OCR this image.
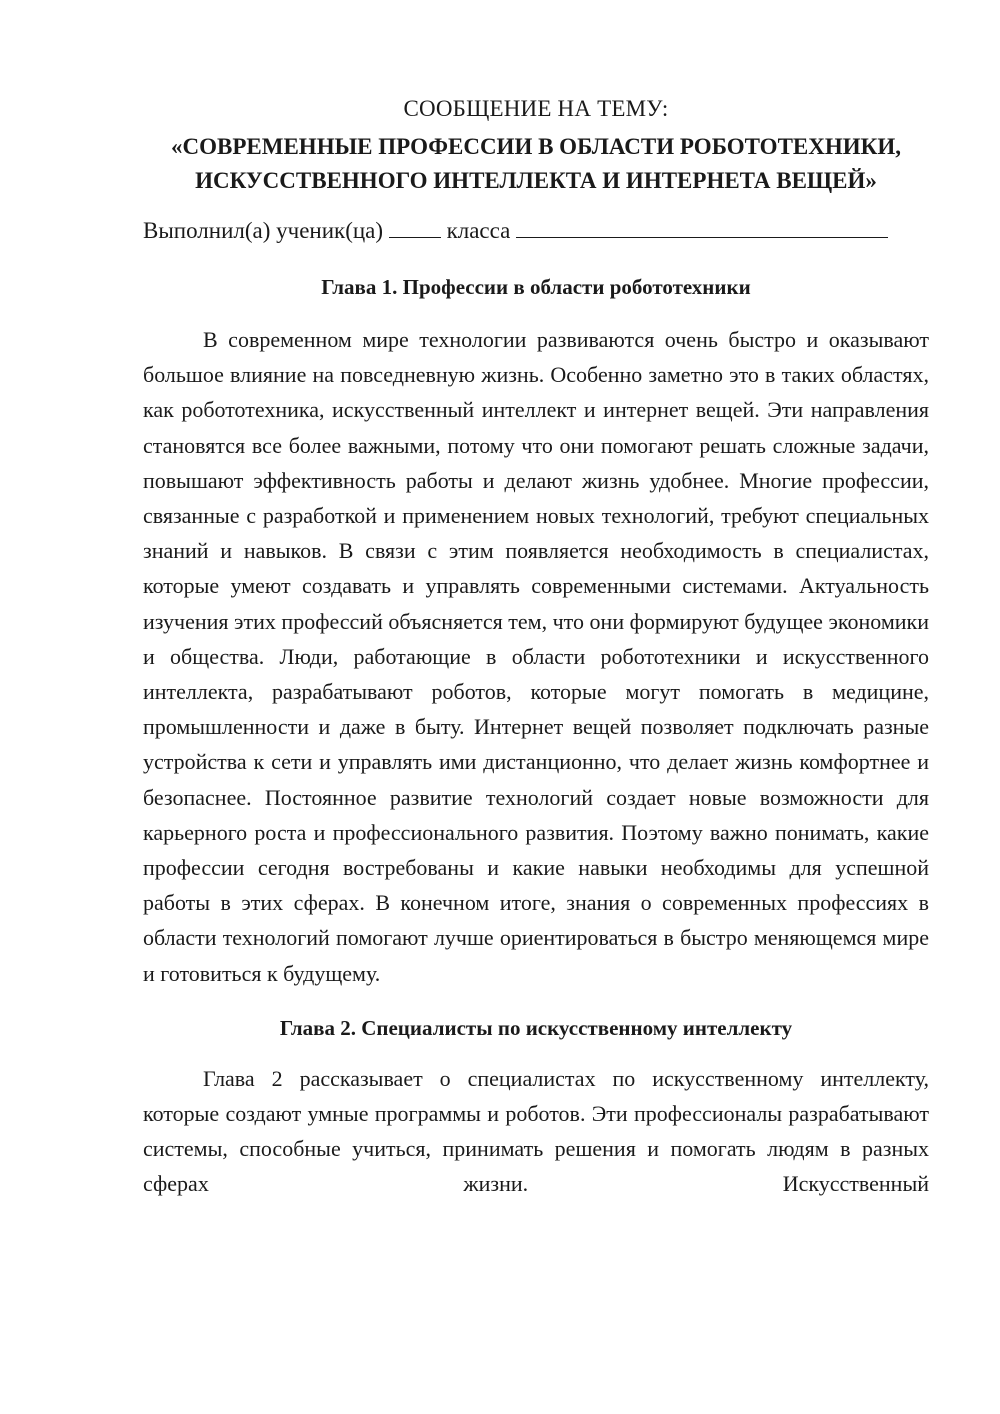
СООБЩЕНИЕ НА ТЕМУ:
«СОВРЕМЕННЫЕ ПРОФЕССИИ В ОБЛАСТИ РОБОТОТЕХНИКИ,
ИСКУССТВЕННОГО ИНТЕЛЛЕКТА И ИНТЕРНЕТА ВЕЩЕЙ»
Выполнил(а) ученик(ца)	класса
Глава 1. Профессии в области робототехники

В современном мире технологии развиваются очень быстро и оказывают большое влияние на повседневную жизнь. Особенно заметно это в таких областях, как робототехника, искусственный интеллект и интернет вещей. Эти направления становятся все более важными, потому что они помогают решать сложные задачи, повышают эффективность работы и делают жизнь удобнее. Многие профессии, связанные с разработкой и применением новых технологий, требуют специальных знаний и навыков. В связи с этим появляется необходимость в специалистах, которые умеют создавать и управлять современными системами. Актуальность изучения этих профессий объясняется тем, что они формируют будущее экономики и общества. Люди, работающие в области робототехники и искусственного интеллекта, разрабатывают роботов, которые могут помогать в медицине, промышленности и даже в быту. Интернет вещей позволяет подключать разные устройства к сети и управлять ими дистанционно, что делает жизнь комфортнее и безопаснее. Постоянное развитие технологий создает новые возможности для карьерного роста и профессионального развития. Поэтому важно понимать, какие профессии сегодня востребованы и какие навыки необходимы для успешной работы в этих сферах. В конечном итоге, знания о современных профессиях в области технологий помогают лучше ориентироваться в быстро меняющемся мире и готовиться к будущему.

Глава 2. Специалисты по искусственному интеллекту

Глава 2 рассказывает о специалистах по искусственному интеллекту, которые создают умные программы и роботов. Эти профессионалы разрабатывают системы, способные учиться, принимать решения и помогать людям в разных сферах жизни. Искусственный
